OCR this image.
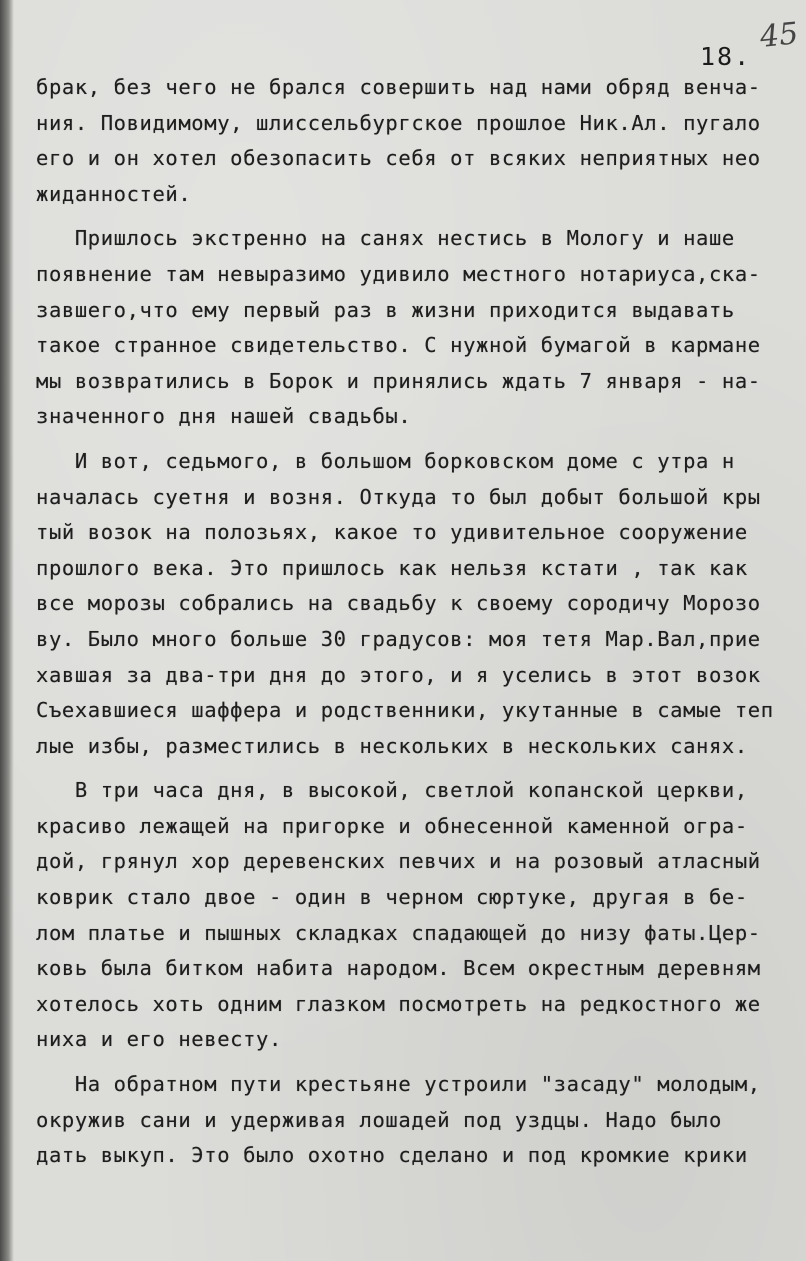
45
18.
брак, без чего не брался совершить над нами обряд венча-
ния. Повидимому, шлиссельбургское прошлое Ник.Ал. пугало
его и он хотел обезопасить себя от всяких неприятных нео
жиданностей.
Пришлось экстренно на санях нестись в Мологу и наше
появнение там невыразимо удивило местного нотариуса,ска-
завшего,что ему первый раз в жизни приходится выдавать
такое странное свидетельство. С нужной бумагой в кармане
мы возвратились в Борок и принялись ждать 7 января - на-
значенного дня нашей свадьбы.
И вот, седьмого, в большом борковском доме с утра н
началась суетня и возня. Откуда то был добыт большой кры
тый возок на полозьях, какое то удивительное сооружение
прошлого века. Это пришлось как нельзя кстати , так как
все морозы собрались на свадьбу к своему сородичу Морозо
ву. Было много больше 30 градусов: моя тетя Мар.Вал,прие
хавшая за два-три дня до этого, и я уселись в этот возок
Съехавшиеся шаффера и родственники, укутанные в самые теп
лые избы, разместились в нескольких в нескольких санях.
В три часа дня, в высокой, светлой копанской церкви,
красиво лежащей на пригорке и обнесенной каменной огра-
дой, грянул хор деревенских певчих и на розовый атласный
коврик стало двое - один в черном сюртуке, другая в бе-
лом платье и пышных складках спадающей до низу фаты.Цер-
ковь была битком набита народом. Всем окрестным деревням
хотелось хоть одним глазком посмотреть на редкостного же
ниха и его невесту.
На обратном пути крестьяне устроили "засаду" молодым,
окружив сани и удерживая лошадей под уздцы. Надо было
дать выкуп. Это было охотно сделано и под кромкие крики
